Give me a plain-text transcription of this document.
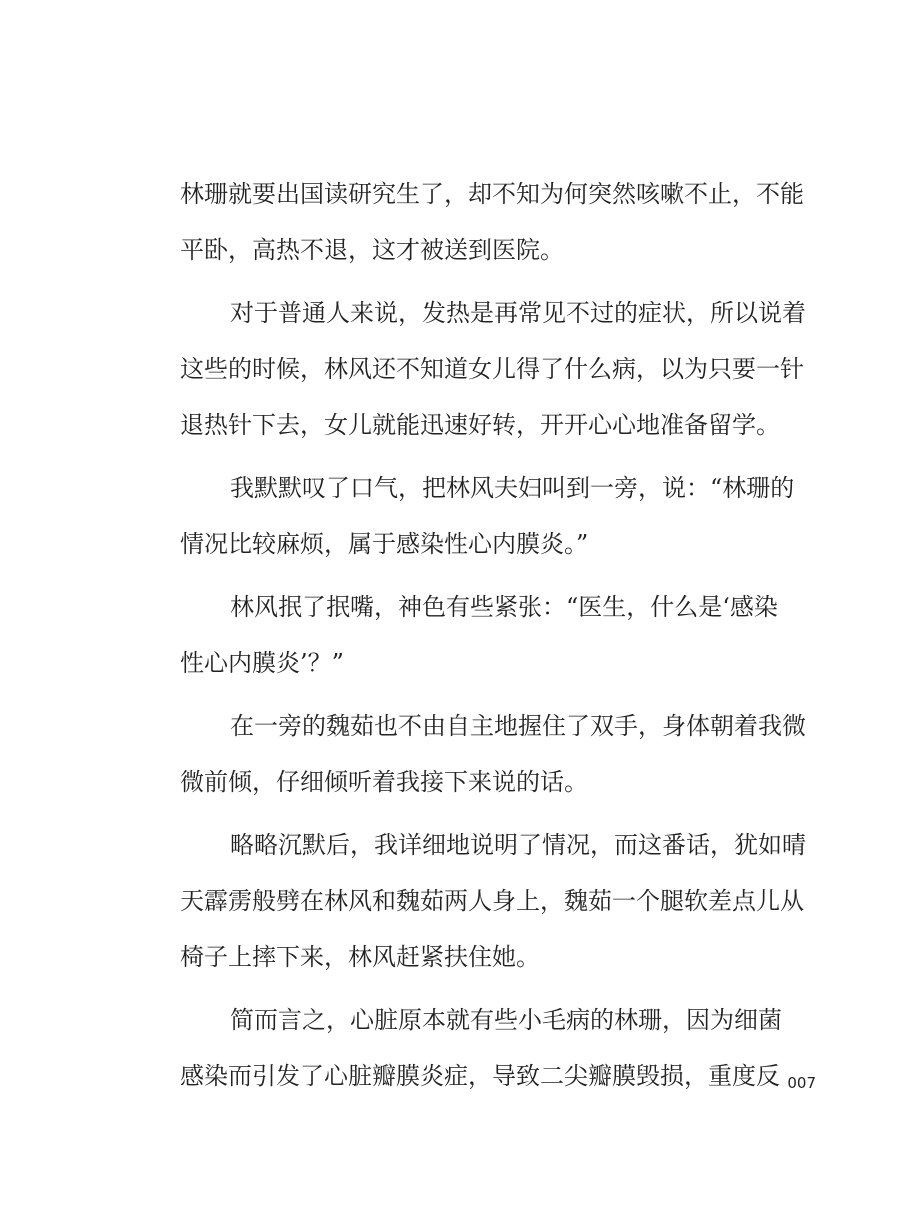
林珊就要出国读研究生了，却不知为何突然咳嗽不止，不能
平卧，高热不退，这才被送到医院。

对于普通人来说，发热是再常见不过的症状，所以说着
这些的时候，林风还不知道女儿得了什么病，以为只要一针
退热针下去，女儿就能迅速好转，开开心心地准备留学。

我默默叹了口气，把林风夫妇叫到一旁，说：“林珊的
情况比较麻烦，属于感染性心内膜炎。”

林风抿了抿嘴，神色有些紧张：“医生，什么是‘感染
性心内膜炎’？”

在一旁的魏茹也不由自主地握住了双手，身体朝着我微
微前倾，仔细倾听着我接下来说的话。

略略沉默后，我详细地说明了情况，而这番话，犹如晴
天霹雳般劈在林风和魏茹两人身上，魏茹一个腿软差点儿从
椅子上摔下来，林风赶紧扶住她。

简而言之，心脏原本就有些小毛病的林珊，因为细菌
感染而引发了心脏瓣膜炎症，导致二尖瓣膜毁损，重度反 007
